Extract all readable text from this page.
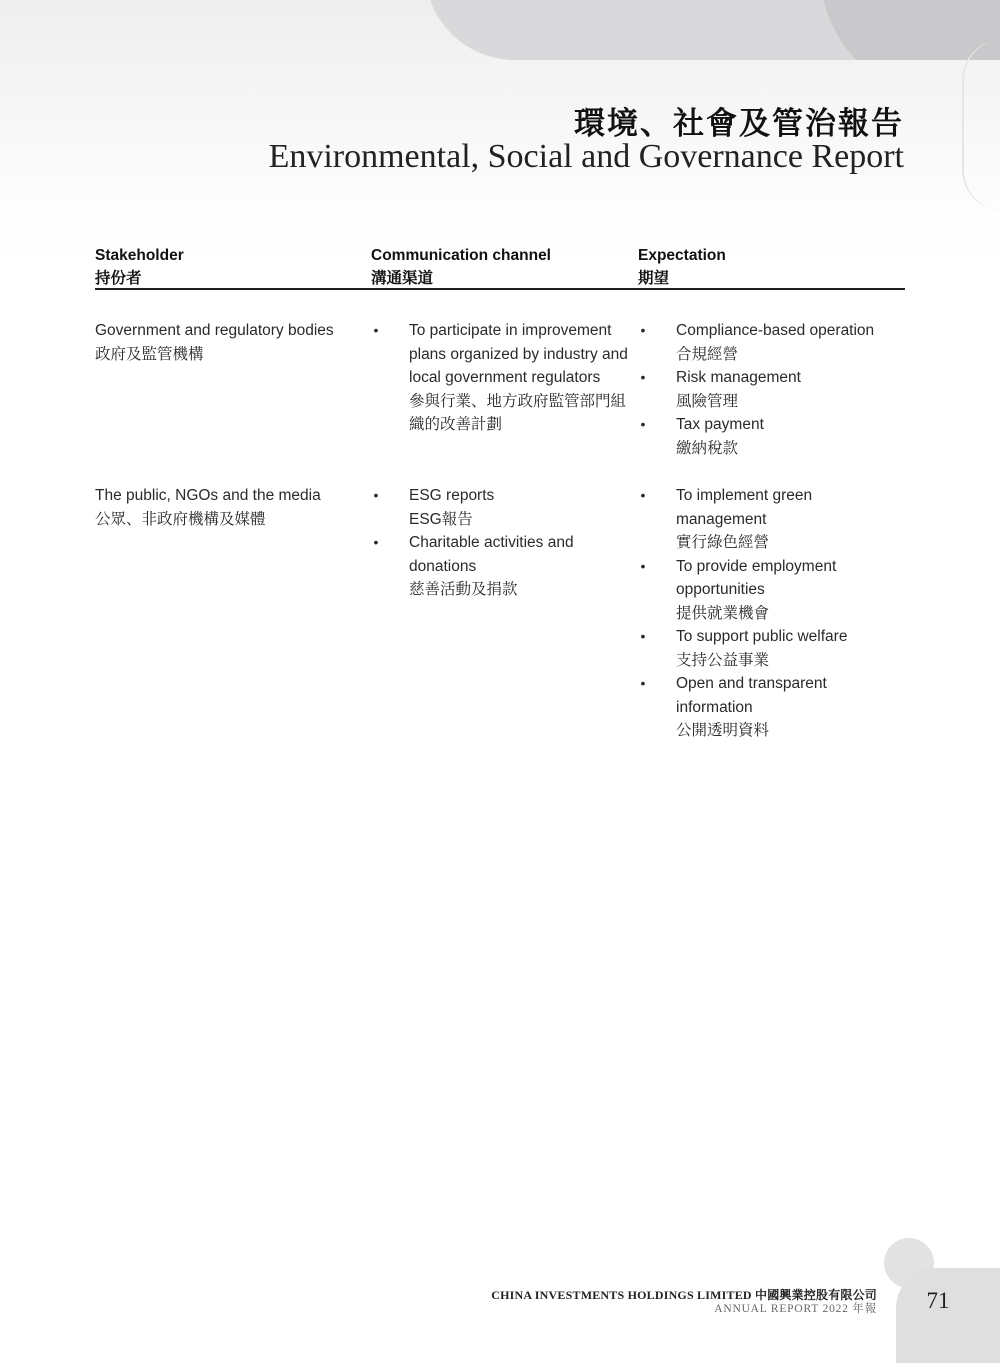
環境、社會及管治報告
Environmental, Social and Governance Report
Stakeholder
持份者
Communication channel
溝通渠道
Expectation
期望
Government and regulatory bodies
政府及監管機構
• To participate in improvement
plans organized by industry and
local government regulators
參與行業、地方政府監管部門組
織的改善計劃
• Compliance-based operation
合規經營
• Risk management
風險管理
• Tax payment
繳納稅款
The public, NGOs and the media
公眾、非政府機構及媒體
• ESG reports
ESG報告
• Charitable activities and
donations
慈善活動及捐款
• To implement green
management
實行綠色經營
• To provide employment
opportunities
提供就業機會
• To support public welfare
支持公益事業
• Open and transparent
information
公開透明資料
CHINA INVESTMENTS HOLDINGS LIMITED 中國興業控股有限公司
ANNUAL REPORT 2022 年報	71
